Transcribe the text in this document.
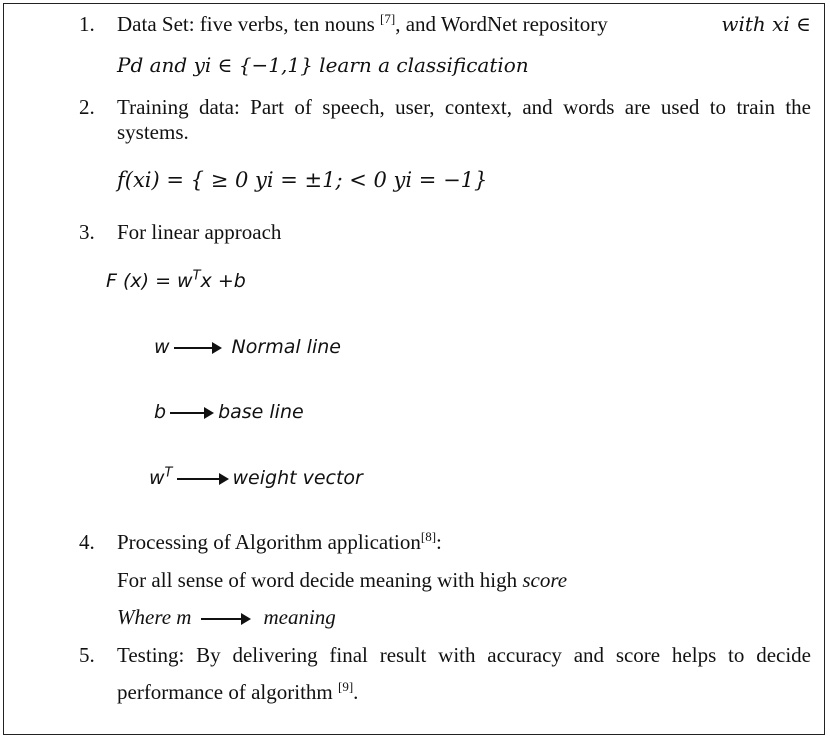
1. Data Set: five verbs, ten nouns [7], and WordNet repository	with xi ∈
Pd and yi ∈ {−1,1} learn a classification
2. Training data: Part of speech, user, context, and words are used to train the
systems.
f(xi) = { ≥ 0 yi = ±1; < 0 yi = −1}
3. For linear approach
F $(x) = w^Tx +b$
w	Normal line
b	base line
$w^T$	weight vector
4. Processing of Algorithm application[8]:
For all sense of word decide meaning with high score
Where m	meaning
5. Testing: By delivering final result with accuracy and score helps to decide
performance of algorithm [9].
